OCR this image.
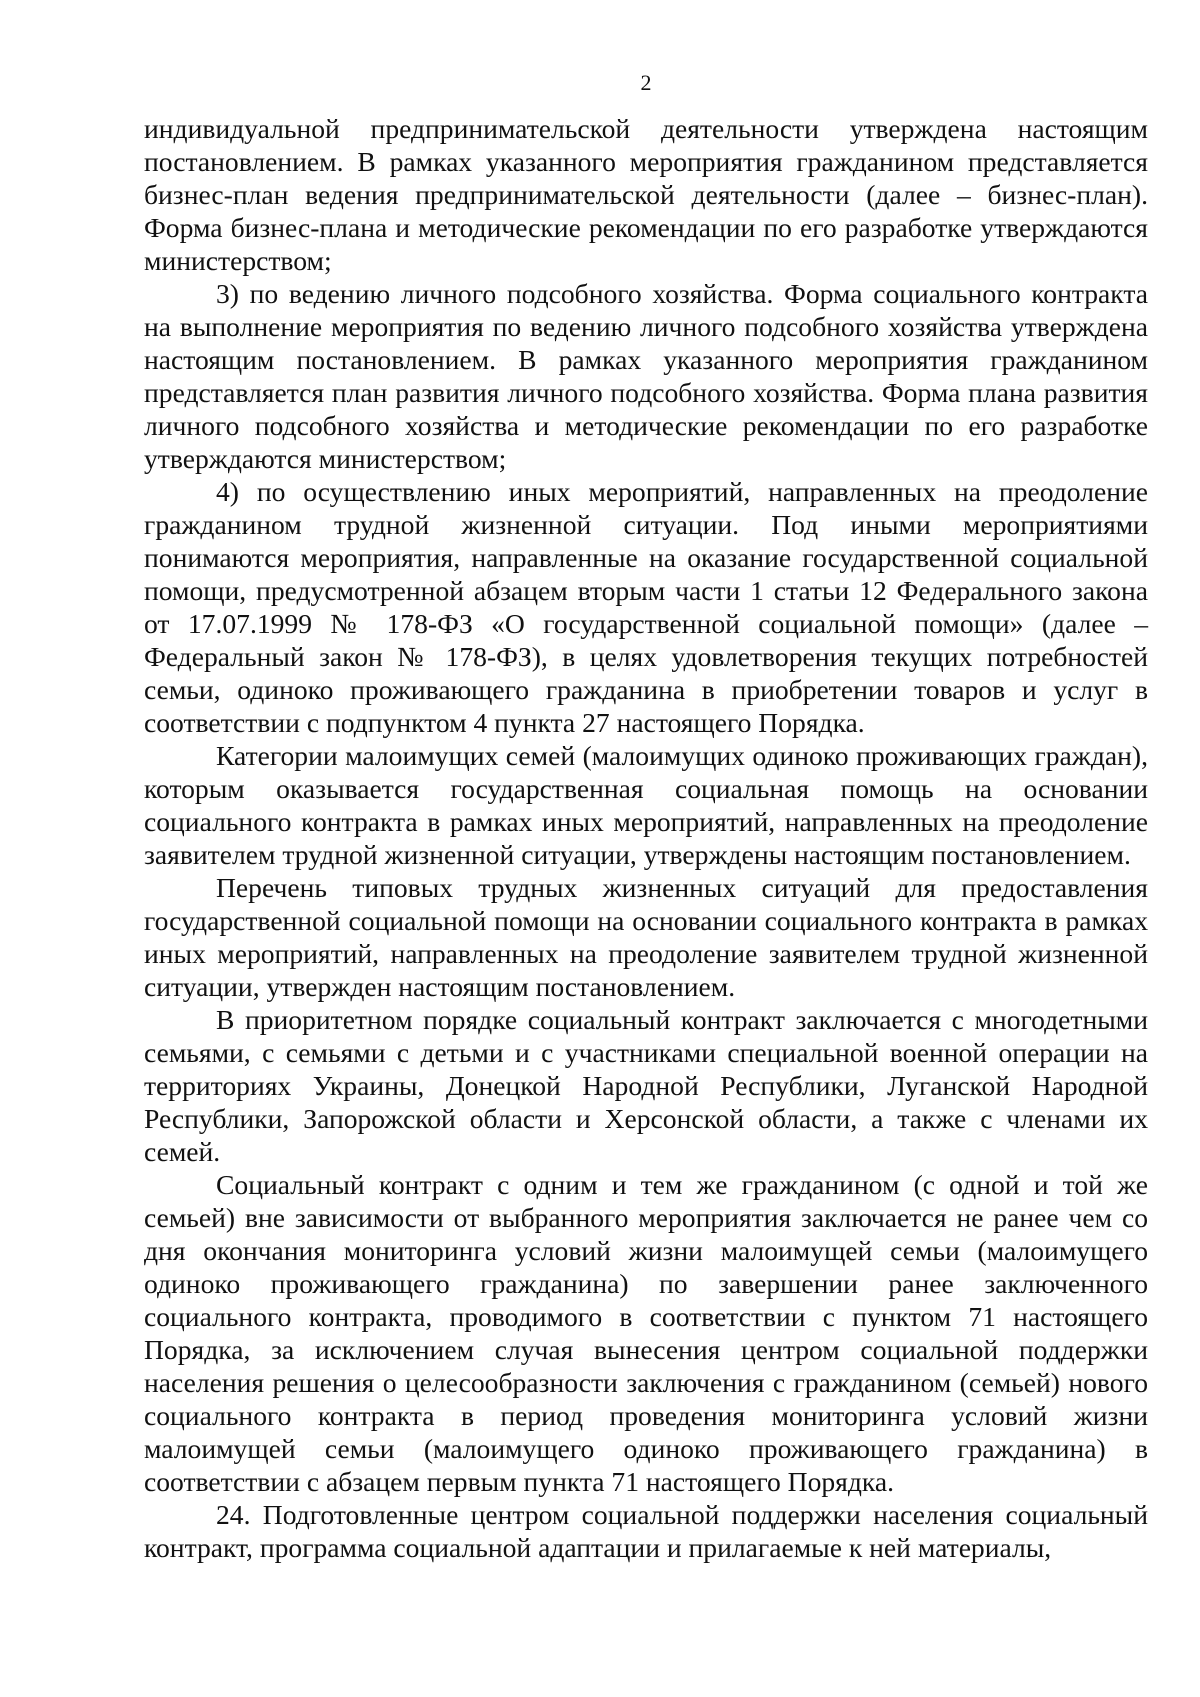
2

индивидуальной предпринимательской деятельности утверждена настоящим постановлением. В рамках указанного мероприятия гражданином представляется бизнес-план ведения предпринимательской деятельности (далее – бизнес-план). Форма бизнес-плана и методические рекомендации по его разработке утверждаются министерством;

3) по ведению личного подсобного хозяйства. Форма социального контракта на выполнение мероприятия по ведению личного подсобного хозяйства утверждена настоящим постановлением. В рамках указанного мероприятия гражданином представляется план развития личного подсобного хозяйства. Форма плана развития личного подсобного хозяйства и методические рекомендации по его разработке утверждаются министерством;

4) по осуществлению иных мероприятий, направленных на преодоление гражданином трудной жизненной ситуации. Под иными мероприятиями понимаются мероприятия, направленные на оказание государственной социальной помощи, предусмотренной абзацем вторым части 1 статьи 12 Федерального закона от 17.07.1999 № 178-ФЗ «О государственной социальной помощи» (далее – Федеральный закон № 178-ФЗ), в целях удовлетворения текущих потребностей семьи, одиноко проживающего гражданина в приобретении товаров и услуг в соответствии с подпунктом 4 пункта 27 настоящего Порядка.

Категории малоимущих семей (малоимущих одиноко проживающих граждан), которым оказывается государственная социальная помощь на основании социального контракта в рамках иных мероприятий, направленных на преодоление заявителем трудной жизненной ситуации, утверждены настоящим постановлением.

Перечень типовых трудных жизненных ситуаций для предоставления государственной социальной помощи на основании социального контракта в рамках иных мероприятий, направленных на преодоление заявителем трудной жизненной ситуации, утвержден настоящим постановлением.

В приоритетном порядке социальный контракт заключается с многодетными семьями, с семьями с детьми и с участниками специальной военной операции на территориях Украины, Донецкой Народной Республики, Луганской Народной Республики, Запорожской области и Херсонской области, а также с членами их семей.

Социальный контракт с одним и тем же гражданином (с одной и той же семьей) вне зависимости от выбранного мероприятия заключается не ранее чем со дня окончания мониторинга условий жизни малоимущей семьи (малоимущего одиноко проживающего гражданина) по завершении ранее заключенного социального контракта, проводимого в соответствии с пунктом 71 настоящего Порядка, за исключением случая вынесения центром социальной поддержки населения решения о целесообразности заключения с гражданином (семьей) нового социального контракта в период проведения мониторинга условий жизни малоимущей семьи (малоимущего одиноко проживающего гражданина) в соответствии с абзацем первым пункта 71 настоящего Порядка.

24. Подготовленные центром социальной поддержки населения социальный контракт, программа социальной адаптации и прилагаемые к ней материалы,
